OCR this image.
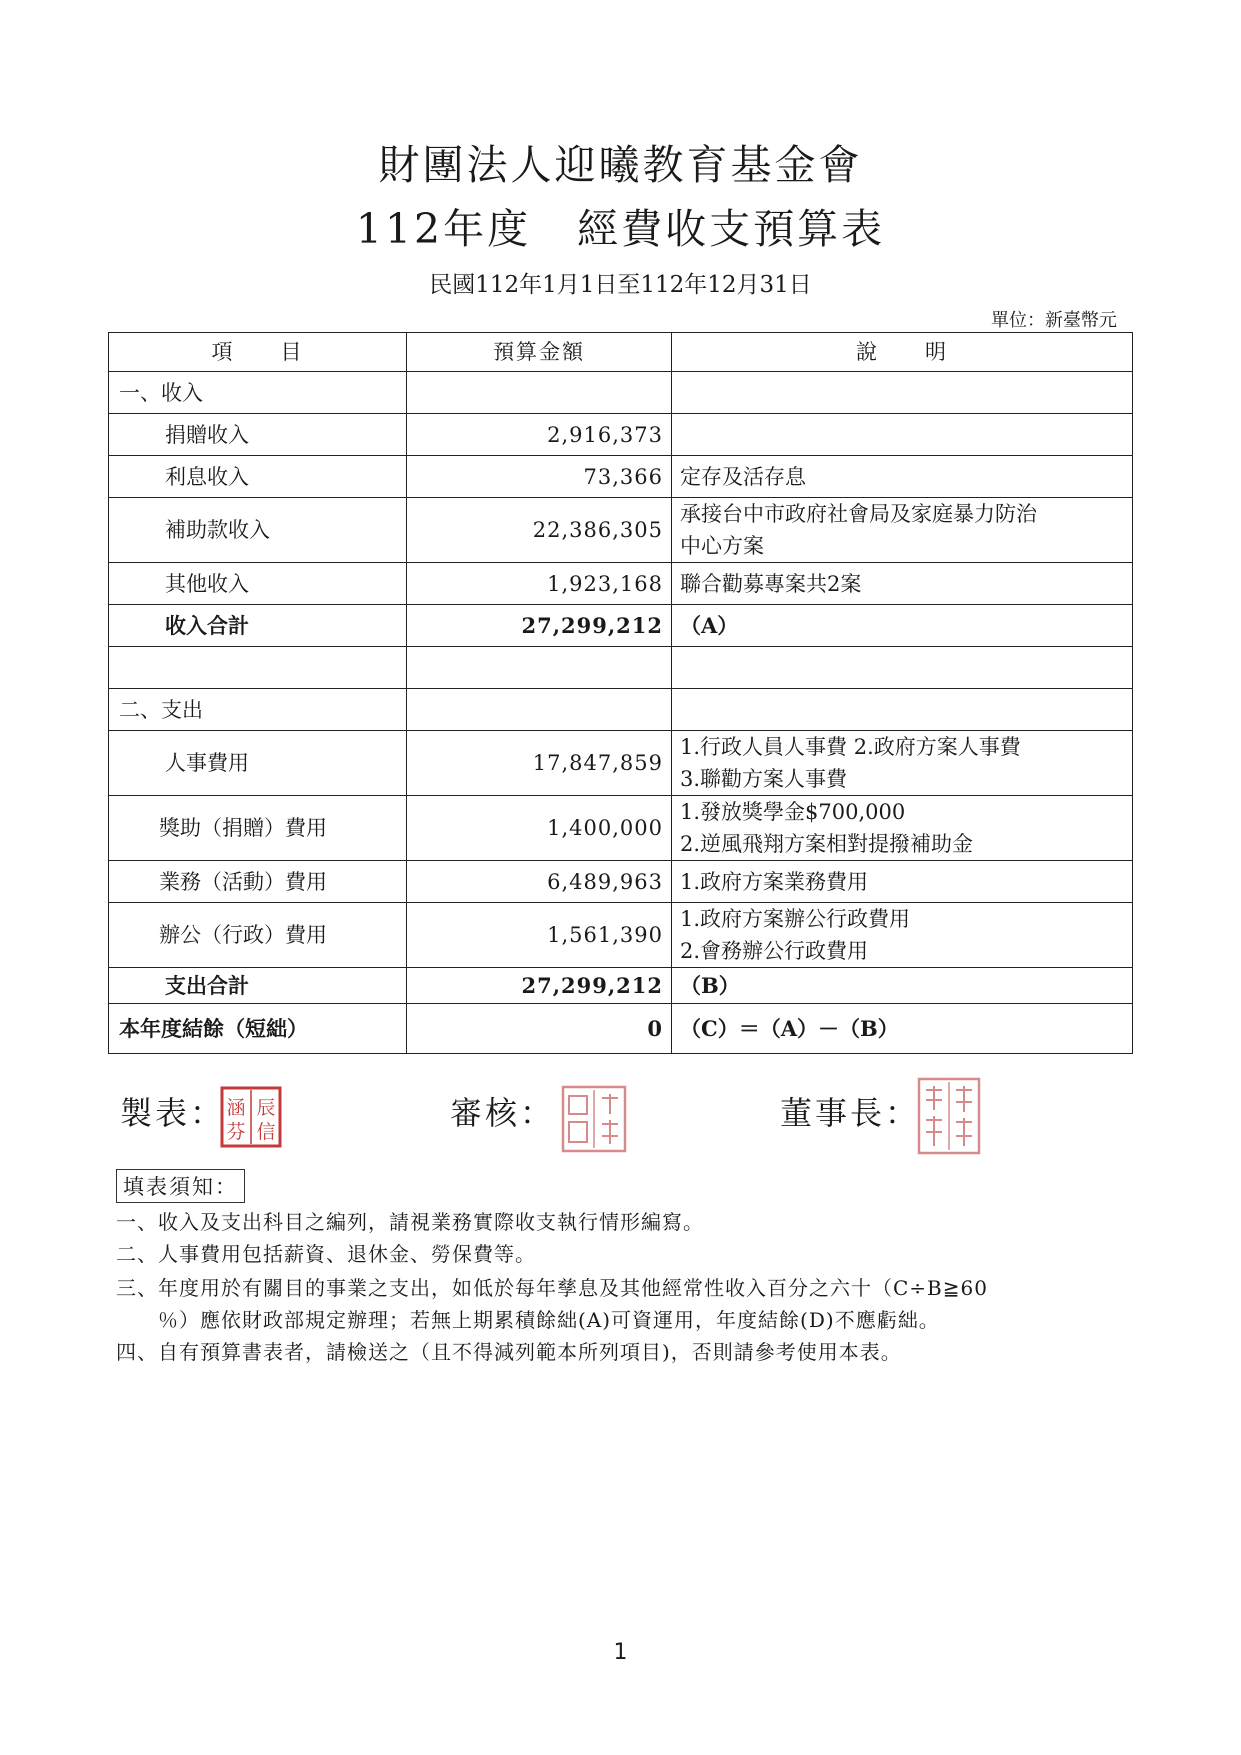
財團法人迎曦教育基金會
112年度 經費收支預算表
民國112年1月1日至112年12月31日
單位：新臺幣元
項　　目	預算金額	說　　明
一、收入		
捐贈收入	2,916,373	
利息收入	73,366	定存及活存息

補助款收入	22,386,305	承接台中市政府社會局及家庭暴力防治
中心方案

其他收入	1,923,168	聯合勸募專案共2案

收入合計	27,299,212	（A）

二、支出		
人事費用	17,847,859	1.行政人員人事費 2.政府方案人事費
3.聯勸方案人事費

獎助（捐贈）費用	1,400,000	1.發放獎學金$700,000
2.逆風飛翔方案相對提撥補助金

業務（活動）費用	6,489,963	1.政府方案業務費用

辦公（行政）費用	1,561,390	1.政府方案辦公行政費用
2.會務辦公行政費用

支出合計	27,299,212	（B）

本年度結餘（短絀）	0	（C）＝（A）－（B）
製表： 涵
芬
辰
信	審核：	董事長：
填表須知：
一、收入及支出科目之編列，請視業務實際收支執行情形編寫。
二、人事費用包括薪資、退休金、勞保費等。
三、年度用於有關目的事業之支出，如低於每年孳息及其他經常性收入百分之六十（C÷B≧60
％）應依財政部規定辦理；若無上期累積餘絀(A)可資運用，年度結餘(D)不應虧絀。
四、自有預算書表者，請檢送之（且不得減列範本所列項目)，否則請參考使用本表。
1
